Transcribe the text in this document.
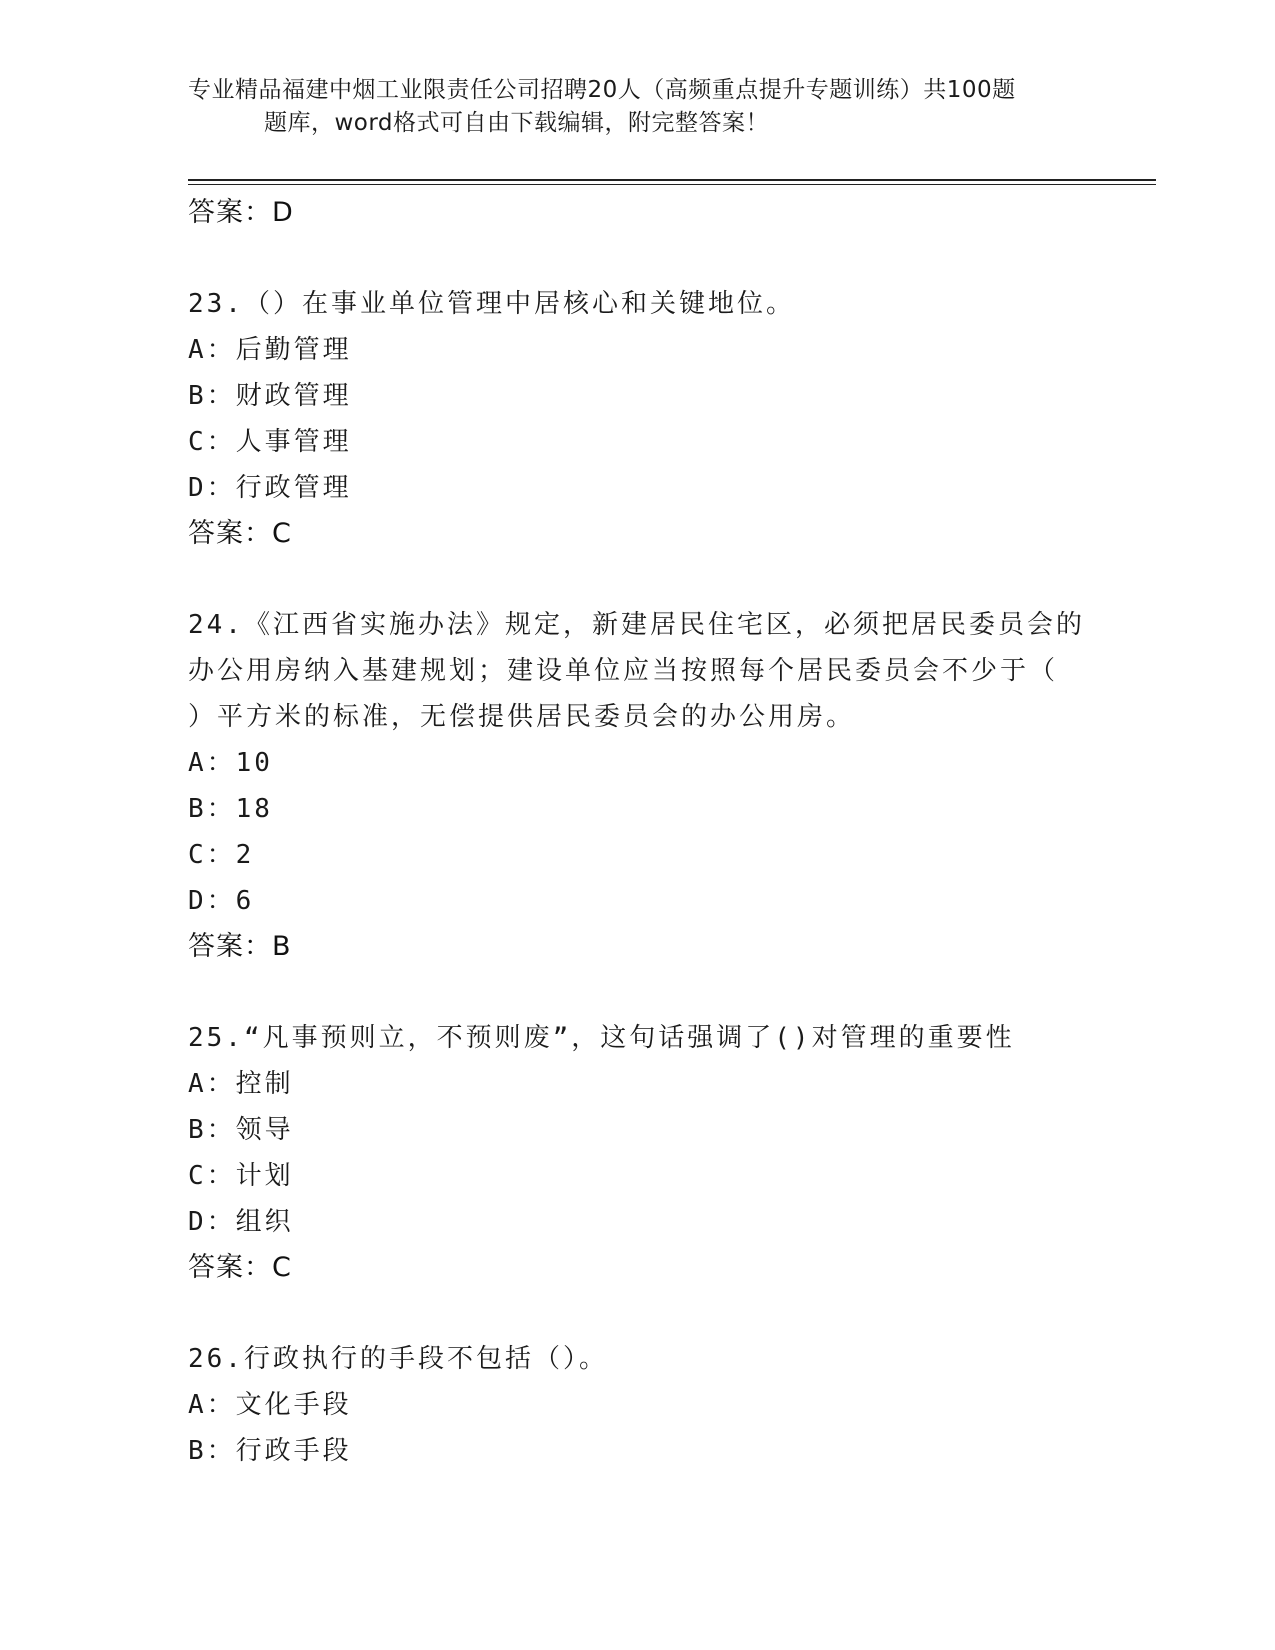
专业精品福建中烟工业限责任公司招聘20人（高频重点提升专题训练）共100题
题库，word格式可自由下载编辑，附完整答案！
答案：D
23.（）在事业单位管理中居核心和关键地位。
A：后勤管理
B：财政管理
C：人事管理
D：行政管理
答案：C
24.《江西省实施办法》规定，新建居民住宅区，必须把居民委员会的
办公用房纳入基建规划；建设单位应当按照每个居民委员会不少于（
）平方米的标准，无偿提供居民委员会的办公用房。
A：10
B：18
C：2
D：6
答案：B
25.“凡事预则立，不预则废”，这句话强调了()对管理的重要性
A：控制
B：领导
C：计划
D：组织
答案：C
26.行政执行的手段不包括（）。
A：文化手段
B：行政手段
